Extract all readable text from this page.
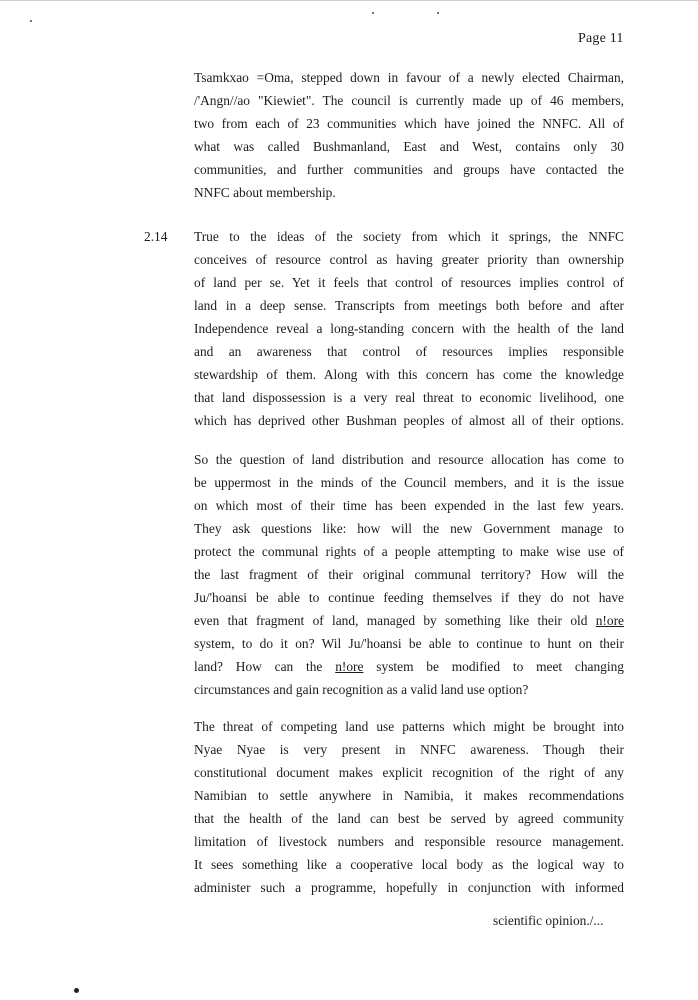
Page 11
Tsamkxao =Oma, stepped down in favour of a newly elected Chairman,
/'Angn//ao "Kiewiet". The council is currently made up of 46 members,
two from each of 23 communities which have joined the NNFC. All of
what was called Bushmanland, East and West, contains only 30
communities, and further communities and groups have contacted the
NNFC about membership.
2.14 True to the ideas of the society from which it springs, the NNFC
conceives of resource control as having greater priority than ownership
of land per se. Yet it feels that control of resources implies control of
land in a deep sense. Transcripts from meetings both before and after
Independence reveal a long-standing concern with the health of the land
and an awareness that control of resources implies responsible
stewardship of them. Along with this concern has come the knowledge
that land dispossession is a very real threat to economic livelihood, one
which has deprived other Bushman peoples of almost all of their options.
So the question of land distribution and resource allocation has come to
be uppermost in the minds of the Council members, and it is the issue
on which most of their time has been expended in the last few years.
They ask questions like: how will the new Government manage to
protect the communal rights of a people attempting to make wise use of
the last fragment of their original communal territory? How will the
Ju/'hoansi be able to continue feeding themselves if they do not have
even that fragment of land, managed by something like their old n!ore
system, to do it on? Wil Ju/'hoansi be able to continue to hunt on their
land? How can the n!ore system be modified to meet changing
circumstances and gain recognition as a valid land use option?
The threat of competing land use patterns which might be brought into
Nyae Nyae is very present in NNFC awareness. Though their
constitutional document makes explicit recognition of the right of any
Namibian to settle anywhere in Namibia, it makes recommendations
that the health of the land can best be served by agreed community
limitation of livestock numbers and responsible resource management.
It sees something like a cooperative local body as the logical way to
administer such a programme, hopefully in conjunction with informed
scientific opinion./...
